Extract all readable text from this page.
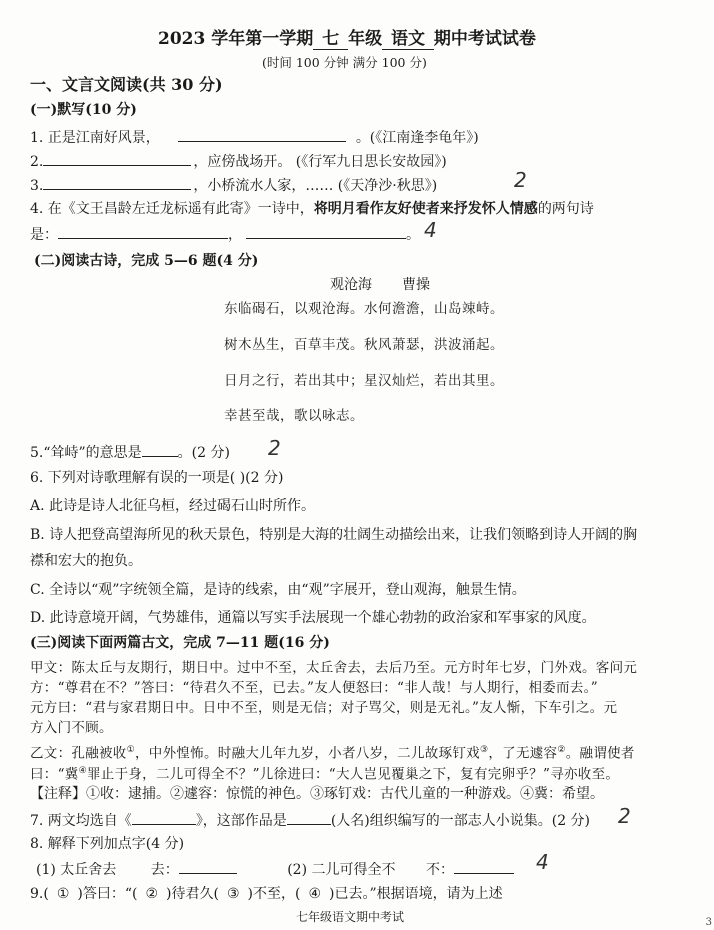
2023 学年第一学期 七 年级 语文 期中考试试卷
(时间 100 分钟 满分 100 分)
一、文言文阅读(共 30 分)
(一)默写(10 分)
1. 正是江南好风景，	。(《江南逢李龟年》)
2.	，应傍战场开。 (《行军九日思长安故园》)
3.	，小桥流水人家，…… (《天净沙·秋思》)	2
4. 在《文王昌龄左迁龙标遥有此寄》一诗中，将明月看作友好使者来抒发怀人情感的两句诗
是：	，	。 4
(二)阅读古诗，完成 5—6 题(4 分)
观沧海 曹操
东临碣石，以观沧海。水何澹澹，山岛竦峙。
树木丛生，百草丰茂。秋风萧瑟，洪波涌起。
日月之行，若出其中；星汉灿烂，若出其里。
幸甚至哉，歌以咏志。
5.“耸峙”的意思是	。(2 分) 2
6. 下列对诗歌理解有误的一项是( )(2 分)
A. 此诗是诗人北征乌桓，经过碣石山时所作。
B. 诗人把登高望海所见的秋天景色，特别是大海的壮阔生动描绘出来，让我们领略到诗人开阔的胸
襟和宏大的抱负。
C. 全诗以“观”字统领全篇，是诗的线索，由“观”字展开，登山观海，触景生情。
D. 此诗意境开阔，气势雄伟，通篇以写实手法展现一个雄心勃勃的政治家和军事家的风度。
(三)阅读下面两篇古文，完成 7—11 题(16 分)
甲文：陈太丘与友期行，期日中。过中不至，太丘舍去，去后乃至。元方时年七岁，门外戏。客问元
方：“尊君在不？”答曰：“待君久不至，已去。”友人便怒曰：“非人哉！与人期行，相委而去。”
元方曰：“君与家君期日中。日中不至，则是无信；对子骂父，则是无礼。”友人惭，下车引之。元
方入门不顾。
乙文：孔融被收①，中外惶怖。时融大儿年九岁，小者八岁，二儿故琢钉戏③，了无遽容②。融谓使者
曰：“冀④罪止于身，二儿可得全不？”儿徐进曰：“大人岂见覆巢之下，复有完卵乎？”寻亦收至。
【注释】①收：逮捕。②遽容：惊慌的神色。③琢钉戏：古代儿童的一种游戏。④冀：希望。
7. 两文均选自《	》，这部作品是	(人名)组织编写的一部志人小说集。(2 分) 2
8. 解释下列加点字(4 分)
(1) 太丘舍去 去：	(2) 二儿可得全不 不：	4
9.( ① )答曰：“( ② )待君久( ③ )不至，( ④ )已去。”根据语境，请为上述
七年级语文期中考试	3
